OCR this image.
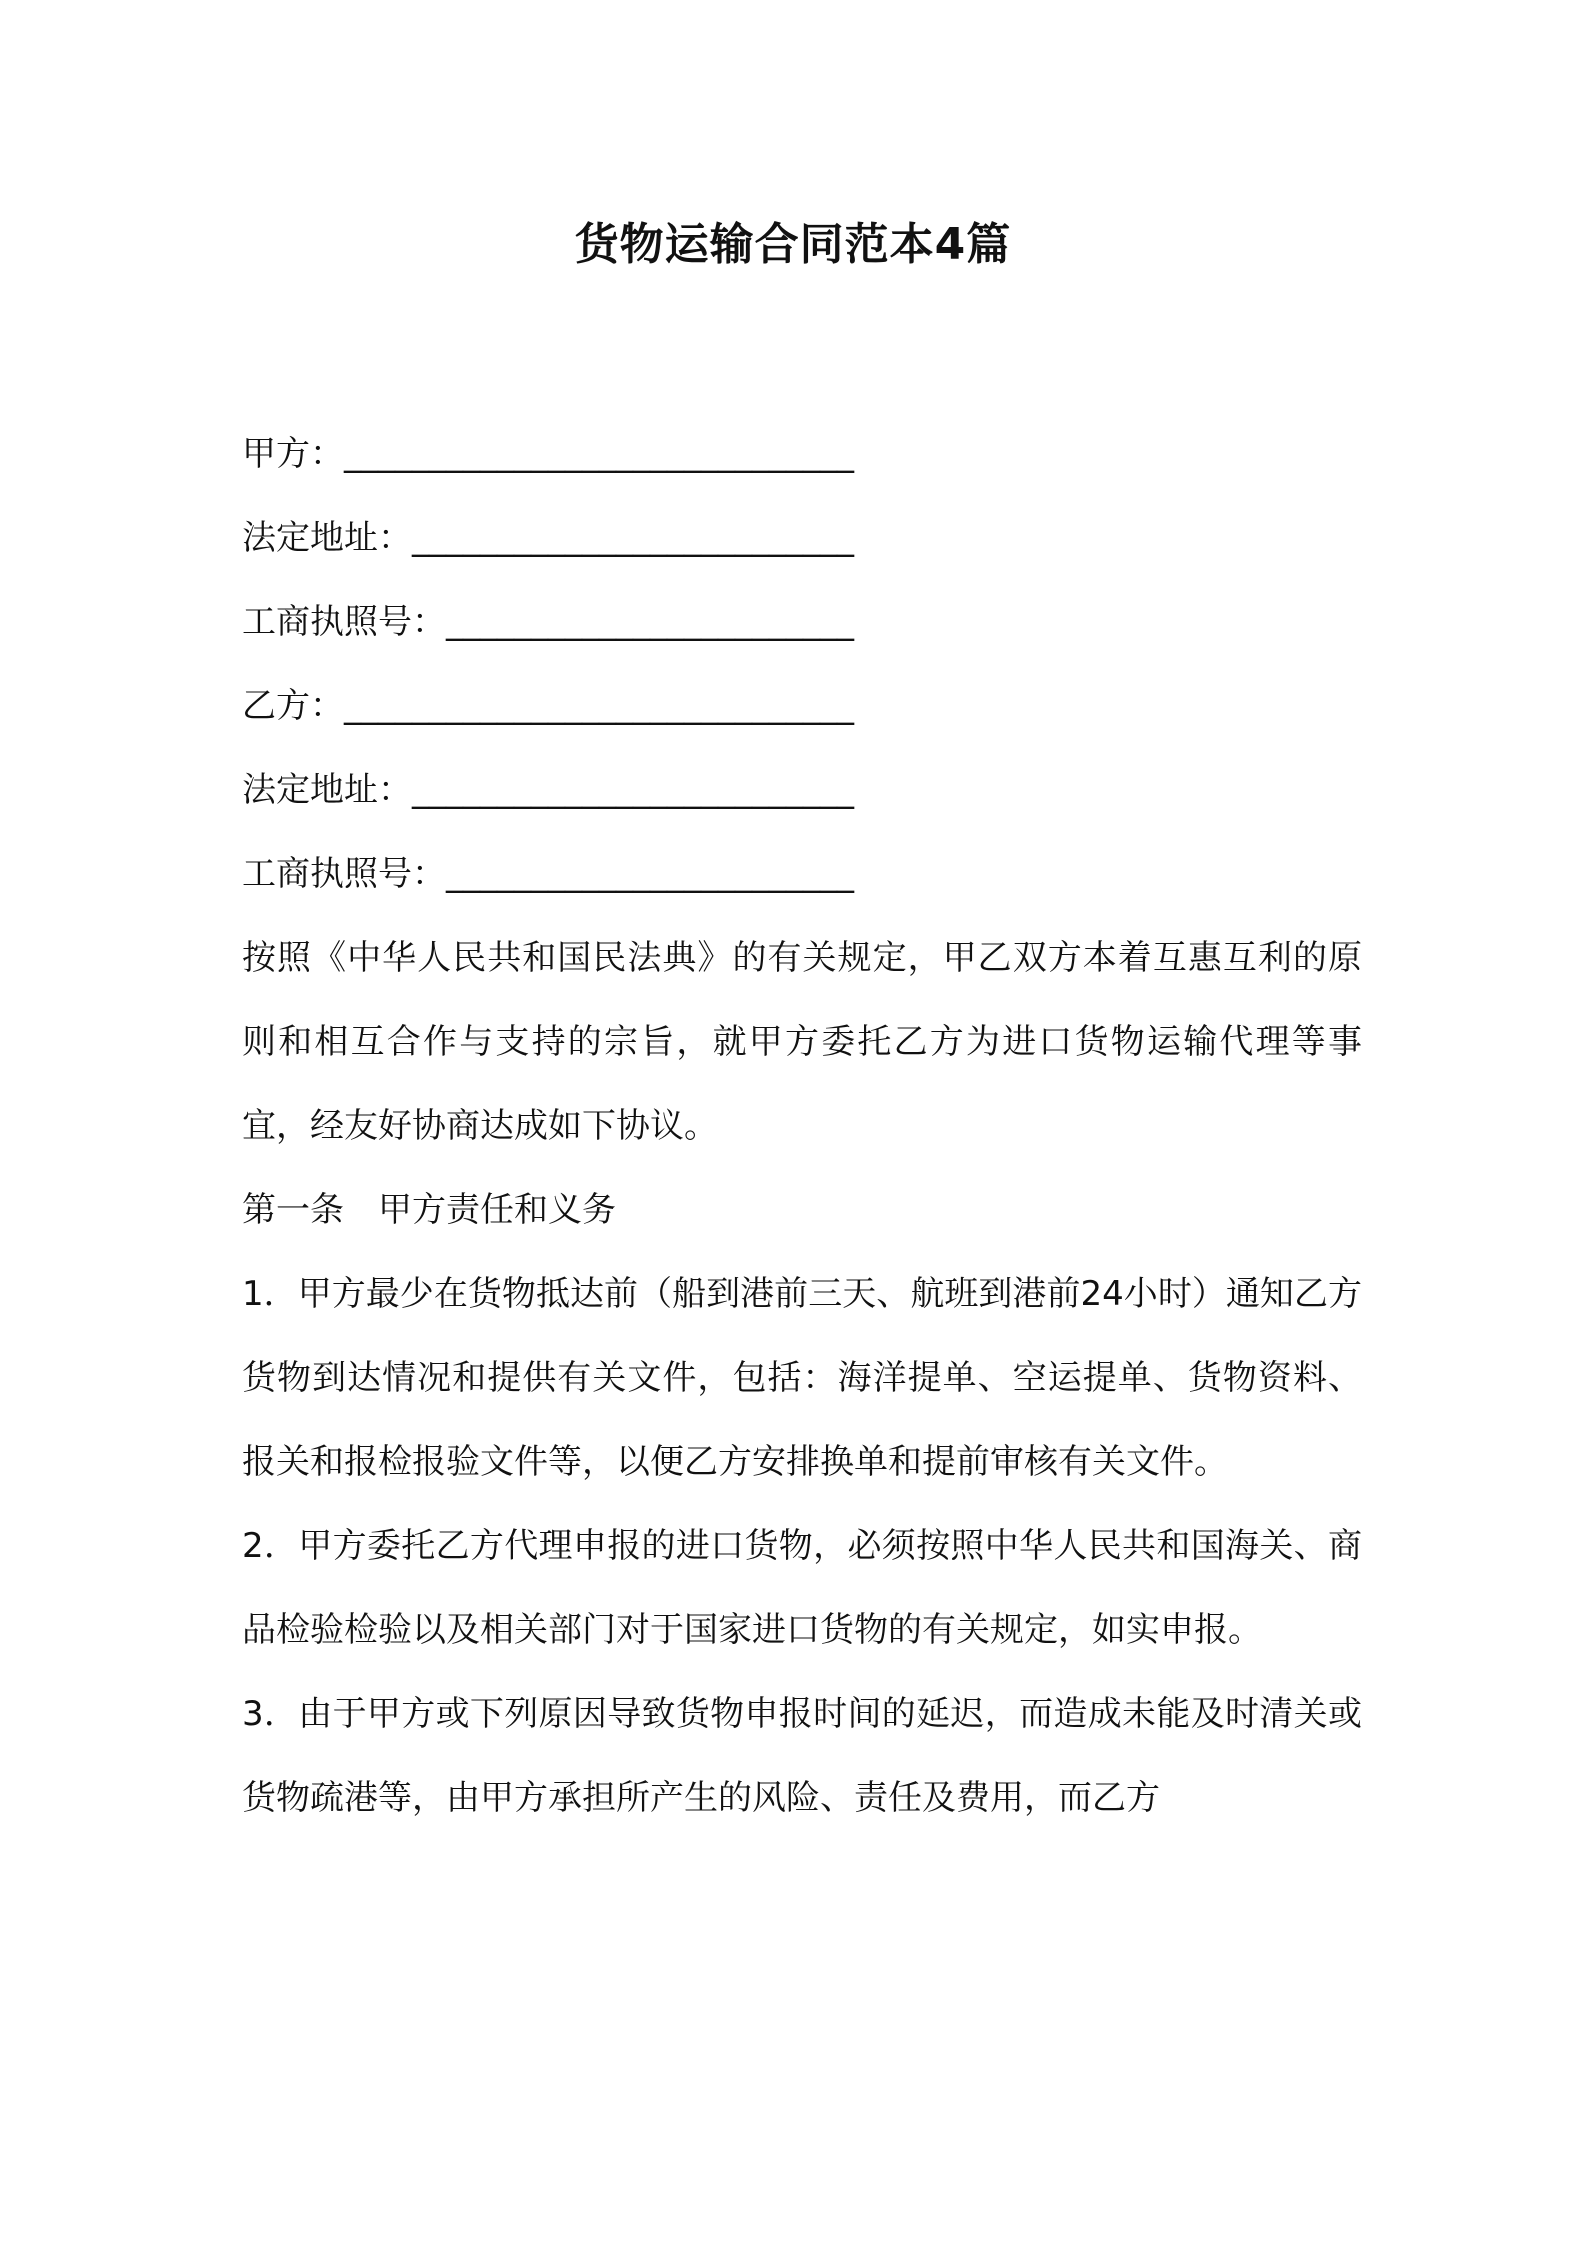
货物运输合同范本4篇
甲方：______________________________
法定地址：__________________________
工商执照号：________________________
乙方：______________________________
法定地址：__________________________
工商执照号：________________________

按照《中华人民共和国民法典》的有关规定，甲乙双方本着互惠互利的原则和相互合作与支持的宗旨，就甲方委托乙方为进口货物运输代理等事宜，经友好协商达成如下协议。

第一条　甲方责任和义务

1．甲方最少在货物抵达前（船到港前三天、航班到港前24小时）通知乙方货物到达情况和提供有关文件，包括：海洋提单、空运提单、货物资料、报关和报检报验文件等，以便乙方安排换单和提前审核有关文件。

2．甲方委托乙方代理申报的进口货物，必须按照中华人民共和国海关、商品检验检验以及相关部门对于国家进口货物的有关规定，如实申报。

3．由于甲方或下列原因导致货物申报时间的延迟，而造成未能及时清关或货物疏港等，由甲方承担所产生的风险、责任及费用，而乙方
